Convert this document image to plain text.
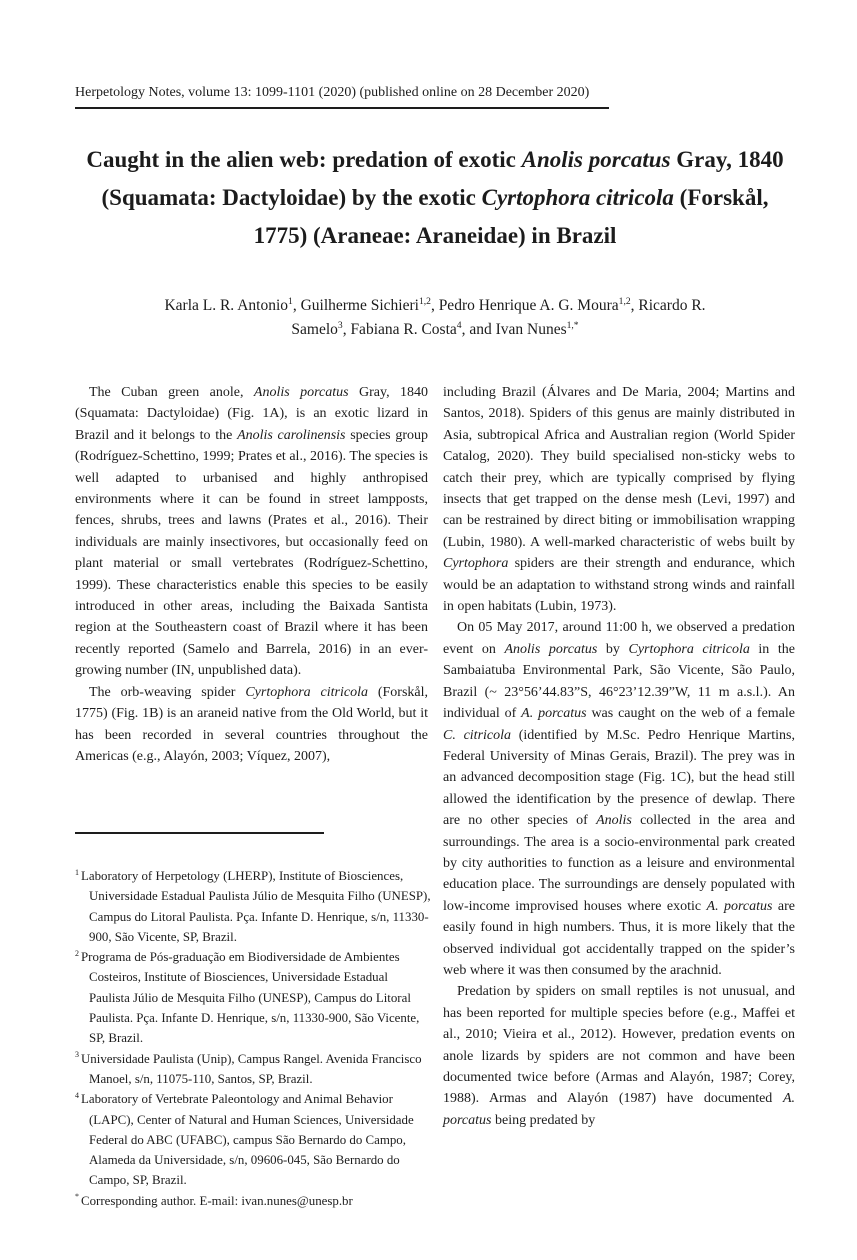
Herpetology Notes, volume 13: 1099-1101 (2020) (published online on 28 December 2020)
Caught in the alien web: predation of exotic Anolis porcatus Gray, 1840 (Squamata: Dactyloidae) by the exotic Cyrtophora citricola (Forskål, 1775) (Araneae: Araneidae) in Brazil
Karla L. R. Antonio$^1$, Guilherme Sichieri$^{1,2}$, Pedro Henrique A. G. Moura$^{1,2}$, Ricardo R. Samelo$^3$, Fabiana R. Costa$^4$, and Ivan Nunes$^{1,*}$

The Cuban green anole, Anolis porcatus Gray, 1840 (Squamata: Dactyloidae) (Fig. 1A), is an exotic lizard in Brazil and it belongs to the Anolis carolinensis species group (Rodríguez-Schettino, 1999; Prates et al., 2016). The species is well adapted to urbanised and highly anthropised environments where it can be found in street lampposts, fences, shrubs, trees and lawns (Prates et al., 2016). Their individuals are mainly insectivores, but occasionally feed on plant material or small vertebrates (Rodríguez-Schettino, 1999). These characteristics enable this species to be easily introduced in other areas, including the Baixada Santista region at the Southeastern coast of Brazil where it has been recently reported (Samelo and Barrela, 2016) in an ever-growing number (IN, unpublished data).

The orb-weaving spider Cyrtophora citricola (Forskål, 1775) (Fig. 1B) is an araneid native from the Old World, but it has been recorded in several countries throughout the Americas (e.g., Alayón, 2003; Víquez, 2007),

including Brazil (Álvares and De Maria, 2004; Martins and Santos, 2018). Spiders of this genus are mainly distributed in Asia, subtropical Africa and Australian region (World Spider Catalog, 2020). They build specialised non-sticky webs to catch their prey, which are typically comprised by flying insects that get trapped on the dense mesh (Levi, 1997) and can be restrained by direct biting or immobilisation wrapping (Lubin, 1980). A well-marked characteristic of webs built by Cyrtophora spiders are their strength and endurance, which would be an adaptation to withstand strong winds and rainfall in open habitats (Lubin, 1973).

On 05 May 2017, around 11:00 h, we observed a predation event on Anolis porcatus by Cyrtophora citricola in the Sambaiatuba Environmental Park, São Vicente, São Paulo, Brazil (~ 23°56’44.83”S, 46°23’12.39”W, 11 m a.s.l.). An individual of A. porcatus was caught on the web of a female C. citricola (identified by M.Sc. Pedro Henrique Martins, Federal University of Minas Gerais, Brazil). The prey was in an advanced decomposition stage (Fig. 1C), but the head still allowed the identification by the presence of dewlap. There are no other species of Anolis collected in the area and surroundings. The area is a socio-environmental park created by city authorities to function as a leisure and environmental education place. The surroundings are densely populated with low-income improvised houses where exotic A. porcatus are easily found in high numbers. Thus, it is more likely that the observed individual got accidentally trapped on the spider’s web where it was then consumed by the arachnid.

Predation by spiders on small reptiles is not unusual, and has been reported for multiple species before (e.g., Maffei et al., 2010; Vieira et al., 2012). However, predation events on anole lizards by spiders are not common and have been documented twice before (Armas and Alayón, 1987; Corey, 1988). Armas and Alayón (1987) have documented A. porcatus being predated by

$^1$ Laboratory of Herpetology (LHERP), Institute of Biosciences, Universidade Estadual Paulista Júlio de Mesquita Filho (UNESP), Campus do Litoral Paulista. Pça. Infante D. Henrique, s/n, 11330-900, São Vicente, SP, Brazil.
$^2$ Programa de Pós-graduação em Biodiversidade de Ambientes Costeiros, Institute of Biosciences, Universidade Estadual Paulista Júlio de Mesquita Filho (UNESP), Campus do Litoral Paulista. Pça. Infante D. Henrique, s/n, 11330-900, São Vicente, SP, Brazil.
$^3$ Universidade Paulista (Unip), Campus Rangel. Avenida Francisco Manoel, s/n, 11075-110, Santos, SP, Brazil.
$^4$ Laboratory of Vertebrate Paleontology and Animal Behavior (LAPC), Center of Natural and Human Sciences, Universidade Federal do ABC (UFABC), campus São Bernardo do Campo, Alameda da Universidade, s/n, 09606-045, São Bernardo do Campo, SP, Brazil.
* Corresponding author. E-mail: ivan.nunes@unesp.br
